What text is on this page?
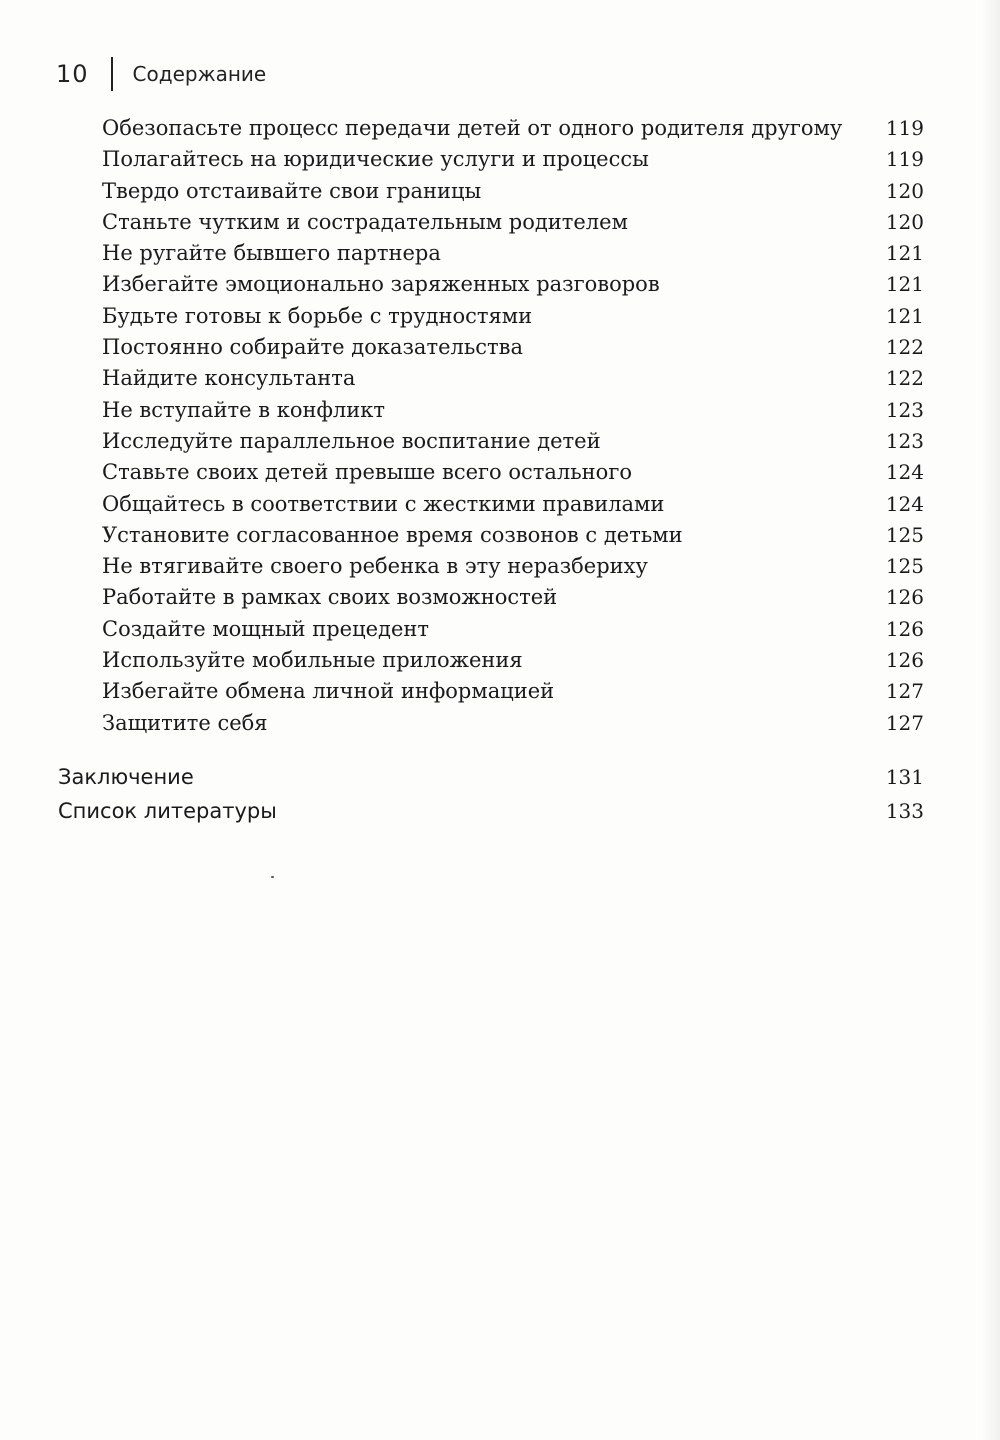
10 Содержание
Обезопасьте процесс передачи детей от одного родителя другому 119
Полагайтесь на юридические услуги и процессы	119
Твердо отстаивайте свои границы	120
Станьте чутким и сострадательным родителем	120
Не ругайте бывшего партнера	121
Избегайте эмоционально заряженных разговоров	121
Будьте готовы к борьбе с трудностями	121
Постоянно собирайте доказательства	122
Найдите консультанта	122
Не вступайте в конфликт	123
Исследуйте параллельное воспитание детей	123
Ставьте своих детей превыше всего остального	124
Общайтесь в соответствии с жесткими правилами	124
Установите согласованное время созвонов с детьми	125
Не втягивайте своего ребенка в эту неразбериху	125
Работайте в рамках своих возможностей	126
Создайте мощный прецедент	126
Используйте мобильные приложения	126
Избегайте обмена личной информацией	127
Защитите себя	127
Заключение	131
Список литературы	133
